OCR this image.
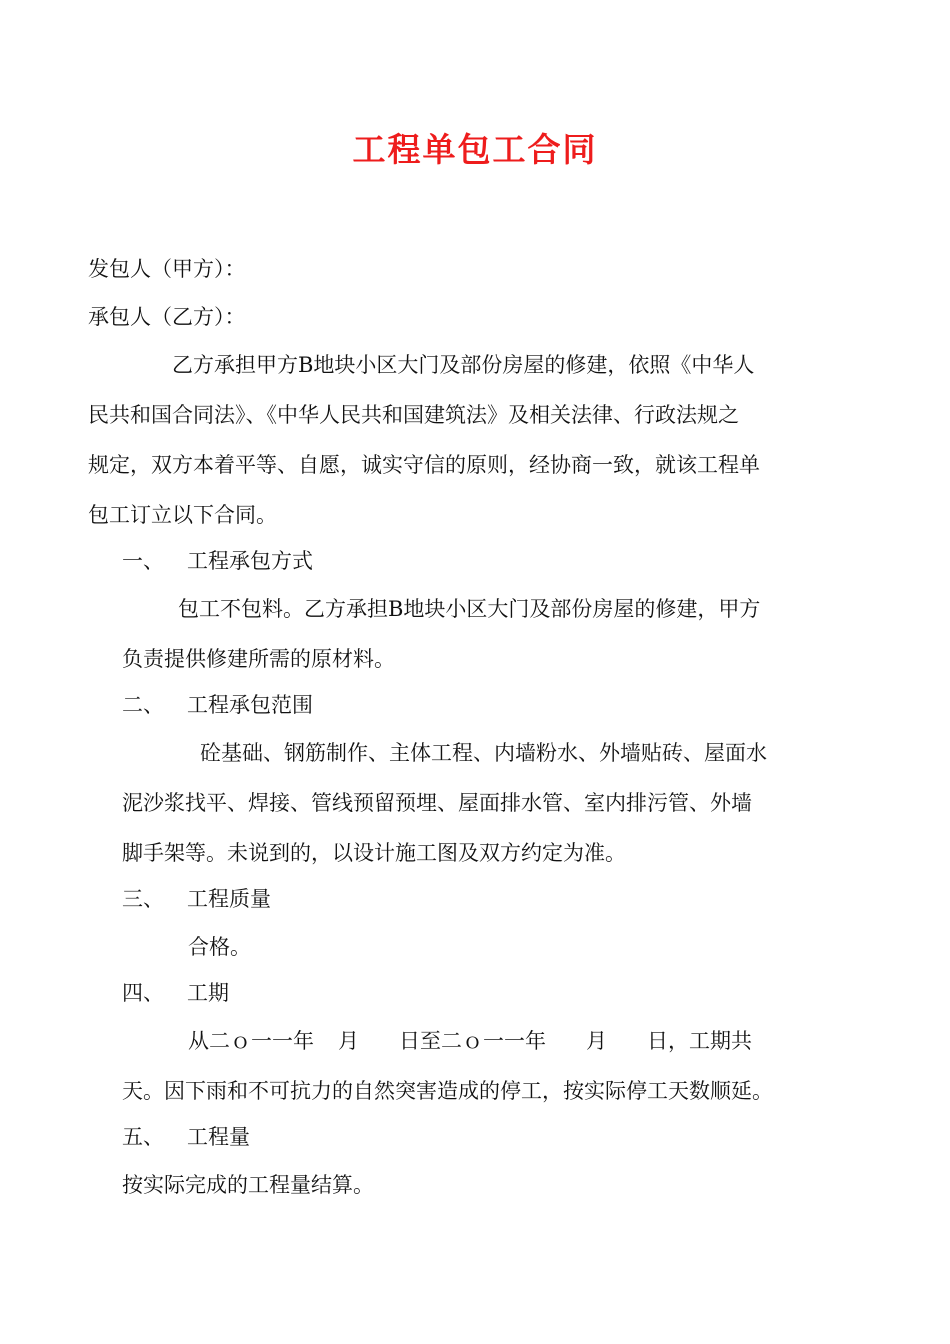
工程单包工合同
发包人（甲方）：
承包人（乙方）：
乙方承担甲方B地块小区大门及部份房屋的修建，依照《中华人
民共和国合同法》、《中华人民共和国建筑法》及相关法律、行政法规之
规定，双方本着平等、自愿，诚实守信的原则，经协商一致，就该工程单
包工订立以下合同。
一、 工程承包方式
包工不包料。乙方承担B地块小区大门及部份房屋的修建，甲方
负责提供修建所需的原材料。
二、 工程承包范围
砼基础、钢筋制作、主体工程、内墙粉水、外墙贴砖、屋面水
泥沙浆找平、焊接、管线预留预埋、屋面排水管、室内排污管、外墙
脚手架等。未说到的，以设计施工图及双方约定为准。
三、 工程质量
合格。
四、 工期
从二ｏ一一年 月 日至二ｏ一一年 月 日，工期共
天。因下雨和不可抗力的自然突害造成的停工，按实际停工天数顺延。
五、 工程量
按实际完成的工程量结算。
